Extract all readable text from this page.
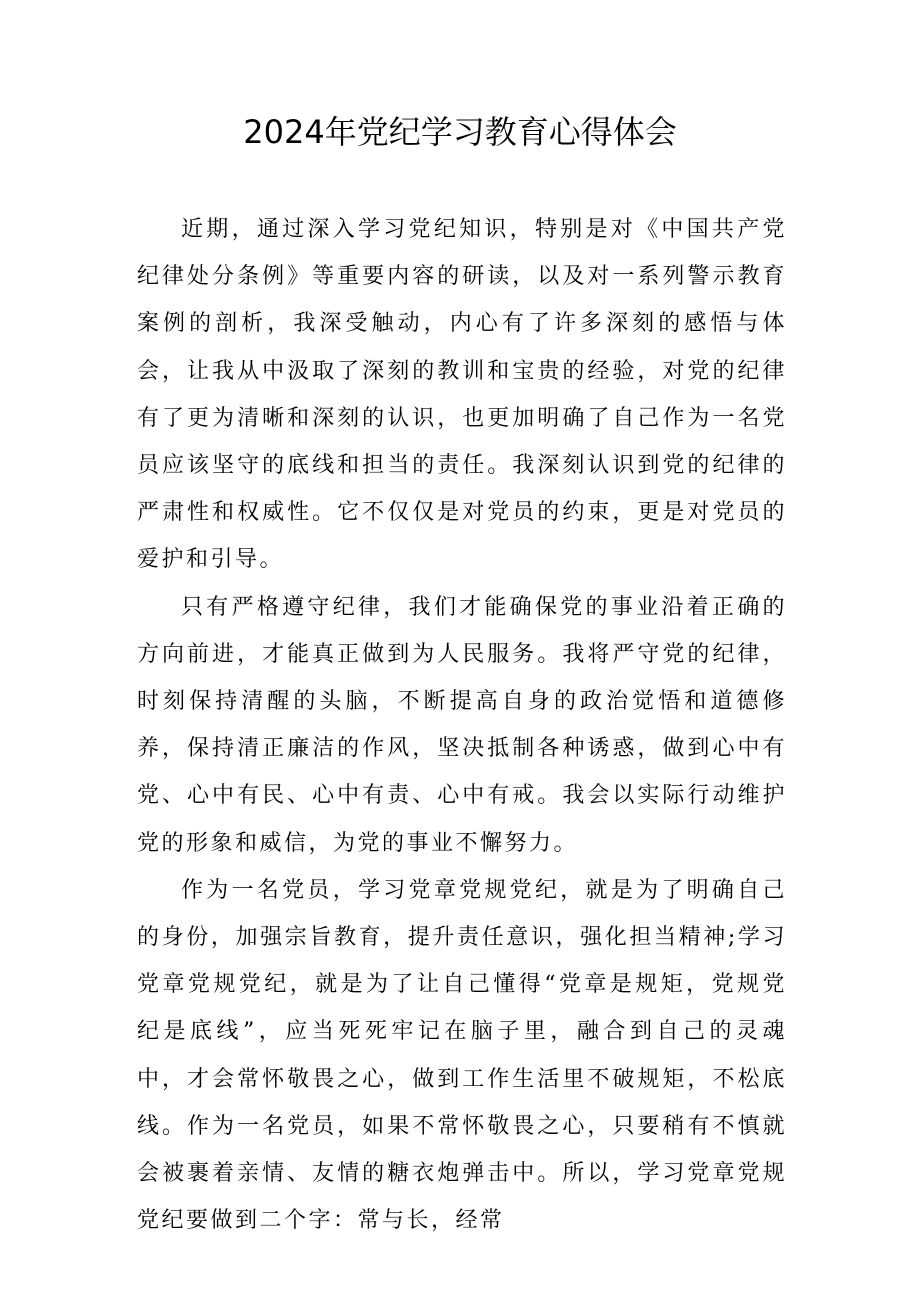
2024年党纪学习教育心得体会

近期，通过深入学习党纪知识，特别是对《中国共产党纪律处分条例》等重要内容的研读，以及对一系列警示教育案例的剖析，我深受触动，内心有了许多深刻的感悟与体会，让我从中汲取了深刻的教训和宝贵的经验，对党的纪律有了更为清晰和深刻的认识，也更加明确了自己作为一名党员应该坚守的底线和担当的责任。我深刻认识到党的纪律的严肃性和权威性。它不仅仅是对党员的约束，更是对党员的爱护和引导。

只有严格遵守纪律，我们才能确保党的事业沿着正确的方向前进，才能真正做到为人民服务。我将严守党的纪律，时刻保持清醒的头脑，不断提高自身的政治觉悟和道德修养，保持清正廉洁的作风，坚决抵制各种诱惑，做到心中有党、心中有民、心中有责、心中有戒。我会以实际行动维护党的形象和威信，为党的事业不懈努力。

作为一名党员，学习党章党规党纪，就是为了明确自己的身份，加强宗旨教育，提升责任意识，强化担当精神;学习党章党规党纪，就是为了让自己懂得“党章是规矩，党规党纪是底线”，应当死死牢记在脑子里，融合到自己的灵魂中，才会常怀敬畏之心，做到工作生活里不破规矩，不松底线。作为一名党员，如果不常怀敬畏之心，只要稍有不慎就会被裹着亲情、友情的糖衣炮弹击中。所以，学习党章党规党纪要做到二个字：常与长，经常
